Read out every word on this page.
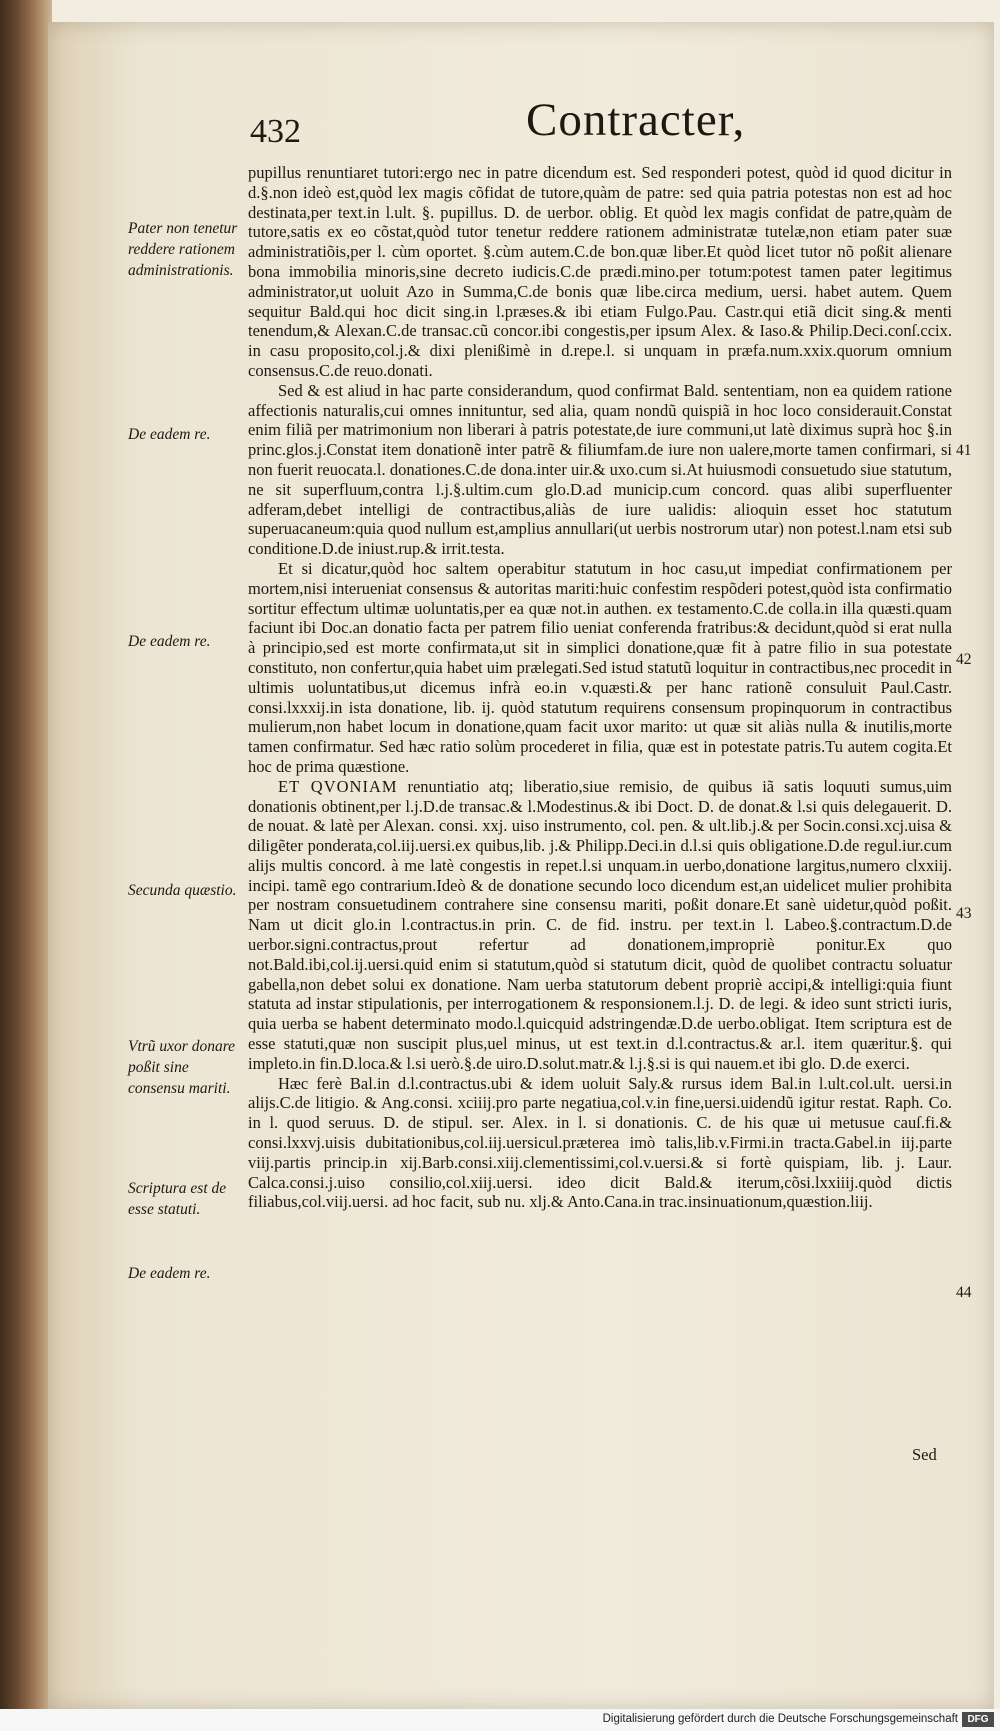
432	Contracter,
Pater non tenetur reddere rationem administrationis.
De eadem re.
De eadem re.
Secunda quæstio.
Vtrũ uxor donare poßit sine consensu mariti.
Scriptura est de esse statuti.
De eadem re.
41
42
43
44

pupillus renuntiaret tutori:ergo nec in patre dicendum est. Sed responderi potest, quòd id quod dicitur in d.§.non ideò est,quòd lex magis cõfidat de tutore,quàm de patre: sed quia patria potestas non est ad hoc destinata,per text.in l.ult. §. pupillus. D. de uerbor. oblig. Et quòd lex magis confidat de patre,quàm de tutore,satis ex eo cõstat,quòd tutor tenetur reddere rationem administratæ tutelæ,non etiam pater suæ administratiõis,per l. cùm oportet. §.cùm autem.C.de bon.quæ liber.Et quòd licet tutor nõ poßit alienare bona immobilia minoris,sine decreto iudicis.C.de prædi.mino.per totum:potest tamen pater legitimus administrator,ut uoluit Azo in Summa,C.de bonis quæ libe.circa medium, uersi. habet autem. Quem sequitur Bald.qui hoc dicit sing.in l.præses.& ibi etiam Fulgo.Pau. Castr.qui etiã dicit sing.& menti tenendum,& Alexan.C.de transac.cũ concor.ibi congestis,per ipsum Alex. & Iaso.& Philip.Deci.conſ.ccix. in casu proposito,col.j.& dixi plenißimè in d.repe.l. si unquam in præfa.num.xxix.quorum omnium consensus.C.de reuo.donati.

Sed & est aliud in hac parte considerandum, quod confirmat Bald. sententiam, non ea quidem ratione affectionis naturalis,cui omnes innituntur, sed alia, quam nondũ quispiã in hoc loco considerauit.Constat enim filiã per matrimonium non liberari à patris potestate,de iure communi,ut latè diximus suprà hoc §.in princ.glos.j.Constat item donationẽ inter patrẽ & filiumfam.de iure non ualere,morte tamen confirmari, si non fuerit reuocata.l. donationes.C.de dona.inter uir.& uxo.cum si.At huiusmodi consuetudo siue statutum, ne sit superfluum,contra l.j.§.ultim.cum glo.D.ad municip.cum concord. quas alibi superfluenter adferam,debet intelligi de contractibus,aliàs de iure ualidis: alioquin esset hoc statutum superuacaneum:quia quod nullum est,amplius annullari(ut uerbis nostrorum utar) non potest.l.nam etsi sub conditione.D.de iniust.rup.& irrit.testa.

Et si dicatur,quòd hoc saltem operabitur statutum in hoc casu,ut impediat confirmationem per mortem,nisi interueniat consensus & autoritas mariti:huic confestim respõderi potest,quòd ista confirmatio sortitur effectum ultimæ uoluntatis,per ea quæ not.in authen. ex testamento.C.de colla.in illa quæsti.quam faciunt ibi Doc.an donatio facta per patrem filio ueniat conferenda fratribus:& decidunt,quòd si erat nulla à principio,sed est morte confirmata,ut sit in simplici donatione,quæ fit à patre filio in sua potestate constituto, non confertur,quia habet uim prælegati.Sed istud statutũ loquitur in contractibus,nec procedit in ultimis uoluntatibus,ut dicemus infrà eo.in v.quæsti.& per hanc rationẽ consuluit Paul.Castr. consi.lxxxij.in ista donatione, lib. ij. quòd statutum requirens consensum propinquorum in contractibus mulierum,non habet locum in donatione,quam facit uxor marito: ut quæ sit aliàs nulla & inutilis,morte tamen confirmatur. Sed hæc ratio solùm procederet in filia, quæ est in potestate patris.Tu autem cogita.Et hoc de prima quæstione.

ET QVONIAM renuntiatio atq; liberatio,siue remisio, de quibus iã satis loquuti sumus,uim donationis obtinent,per l.j.D.de transac.& l.Modestinus.& ibi Doct. D. de donat.& l.si quis delegauerit. D. de nouat. & latè per Alexan. consi. xxj. uiso instrumento, col. pen. & ult.lib.j.& per Socin.consi.xcj.uisa & diligẽter ponderata,col.iij.uersi.ex quibus,lib. j.& Philipp.Deci.in d.l.si quis obligatione.D.de regul.iur.cum alijs multis concord. à me latè congestis in repet.l.si unquam.in uerbo,donatione largitus,numero clxxiij. incipi. tamẽ ego contrarium.Ideò & de donatione secundo loco dicendum est,an uidelicet mulier prohibita per nostram consuetudinem contrahere sine consensu mariti, poßit donare.Et sanè uidetur,quòd poßit. Nam ut dicit glo.in l.contractus.in prin. C. de fid. instru. per text.in l. Labeo.§.contractum.D.de uerbor.signi.contractus,prout refertur ad donationem,impropriè ponitur.Ex quo not.Bald.ibi,col.ij.uersi.quid enim si statutum,quòd si statutum dicit, quòd de quolibet contractu soluatur gabella,non debet solui ex donatione. Nam uerba statutorum debent propriè accipi,& intelligi:quia fiunt statuta ad instar stipulationis, per interrogationem & responsionem.l.j. D. de legi. & ideo sunt stricti iuris, quia uerba se habent determinato modo.l.quicquid adstringendæ.D.de uerbo.obligat. Item scriptura est de esse statuti,quæ non suscipit plus,uel minus, ut est text.in d.l.contractus.& ar.l. item quæritur.§. qui impleto.in fin.D.loca.& l.si uerò.§.de uiro.D.solut.matr.& l.j.§.si is qui nauem.et ibi glo. D.de exerci.

Hæc ferè Bal.in d.l.contractus.ubi & idem uoluit Saly.& rursus idem Bal.in l.ult.col.ult. uersi.in alijs.C.de litigio. & Ang.consi. xciiij.pro parte negatiua,col.v.in fine,uersi.uidendũ igitur restat. Raph. Co. in l. quod seruus. D. de stipul. ser. Alex. in l. si donationis. C. de his quæ ui metusue cauſ.fi.& consi.lxxvj.uisis dubitationibus,col.iij.uersicul.præterea imò talis,lib.v.Firmi.in tracta.Gabel.in iij.parte viij.partis princip.in xij.Barb.consi.xiij.clementissimi,col.v.uersi.& si fortè quispiam, lib. j. Laur. Calca.consi.j.uiso consilio,col.xiij.uersi. ideo dicit Bald.& iterum,cõsi.lxxiiij.quòd dictis filiabus,col.viij.uersi. ad hoc facit, sub nu. xlj.& Anto.Cana.in trac.insinuationum,quæstion.liij.

Sed
Digitalisierung gefördert durch die Deutsche Forschungsgemeinschaft DFG
